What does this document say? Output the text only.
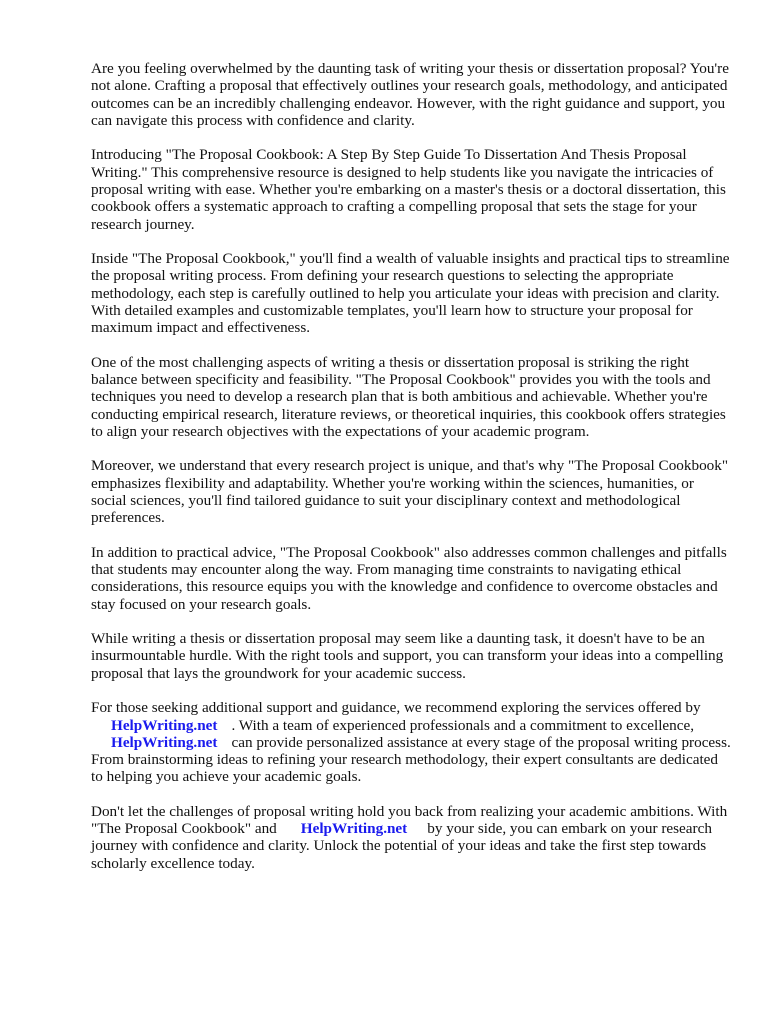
Are you feeling overwhelmed by the daunting task of writing your thesis or dissertation proposal? You're not alone. Crafting a proposal that effectively outlines your research goals, methodology, and anticipated outcomes can be an incredibly challenging endeavor. However, with the right guidance and support, you can navigate this process with confidence and clarity.

Introducing "The Proposal Cookbook: A Step By Step Guide To Dissertation And Thesis Proposal Writing." This comprehensive resource is designed to help students like you navigate the intricacies of proposal writing with ease. Whether you're embarking on a master's thesis or a doctoral dissertation, this cookbook offers a systematic approach to crafting a compelling proposal that sets the stage for your research journey.

Inside "The Proposal Cookbook," you'll find a wealth of valuable insights and practical tips to streamline the proposal writing process. From defining your research questions to selecting the appropriate methodology, each step is carefully outlined to help you articulate your ideas with precision and clarity. With detailed examples and customizable templates, you'll learn how to structure your proposal for maximum impact and effectiveness.

One of the most challenging aspects of writing a thesis or dissertation proposal is striking the right balance between specificity and feasibility. "The Proposal Cookbook" provides you with the tools and techniques you need to develop a research plan that is both ambitious and achievable. Whether you're conducting empirical research, literature reviews, or theoretical inquiries, this cookbook offers strategies to align your research objectives with the expectations of your academic program.

Moreover, we understand that every research project is unique, and that's why "The Proposal Cookbook" emphasizes flexibility and adaptability. Whether you're working within the sciences, humanities, or social sciences, you'll find tailored guidance to suit your disciplinary context and methodological preferences.

In addition to practical advice, "The Proposal Cookbook" also addresses common challenges and pitfalls that students may encounter along the way. From managing time constraints to navigating ethical considerations, this resource equips you with the knowledge and confidence to overcome obstacles and stay focused on your research goals.

While writing a thesis or dissertation proposal may seem like a daunting task, it doesn't have to be an insurmountable hurdle. With the right tools and support, you can transform your ideas into a compelling proposal that lays the groundwork for your academic success.

For those seeking additional support and guidance, we recommend exploring the services offered by
HelpWriting.net . With a team of experienced professionals and a commitment to excellence,
HelpWriting.net can provide personalized assistance at every stage of the proposal writing process. From brainstorming ideas to refining your research methodology, their expert consultants are dedicated to helping you achieve your academic goals.

Don't let the challenges of proposal writing hold you back from realizing your academic ambitions. With "The Proposal Cookbook" and HelpWriting.net by your side, you can embark on your research journey with confidence and clarity. Unlock the potential of your ideas and take the first step towards scholarly excellence today.
